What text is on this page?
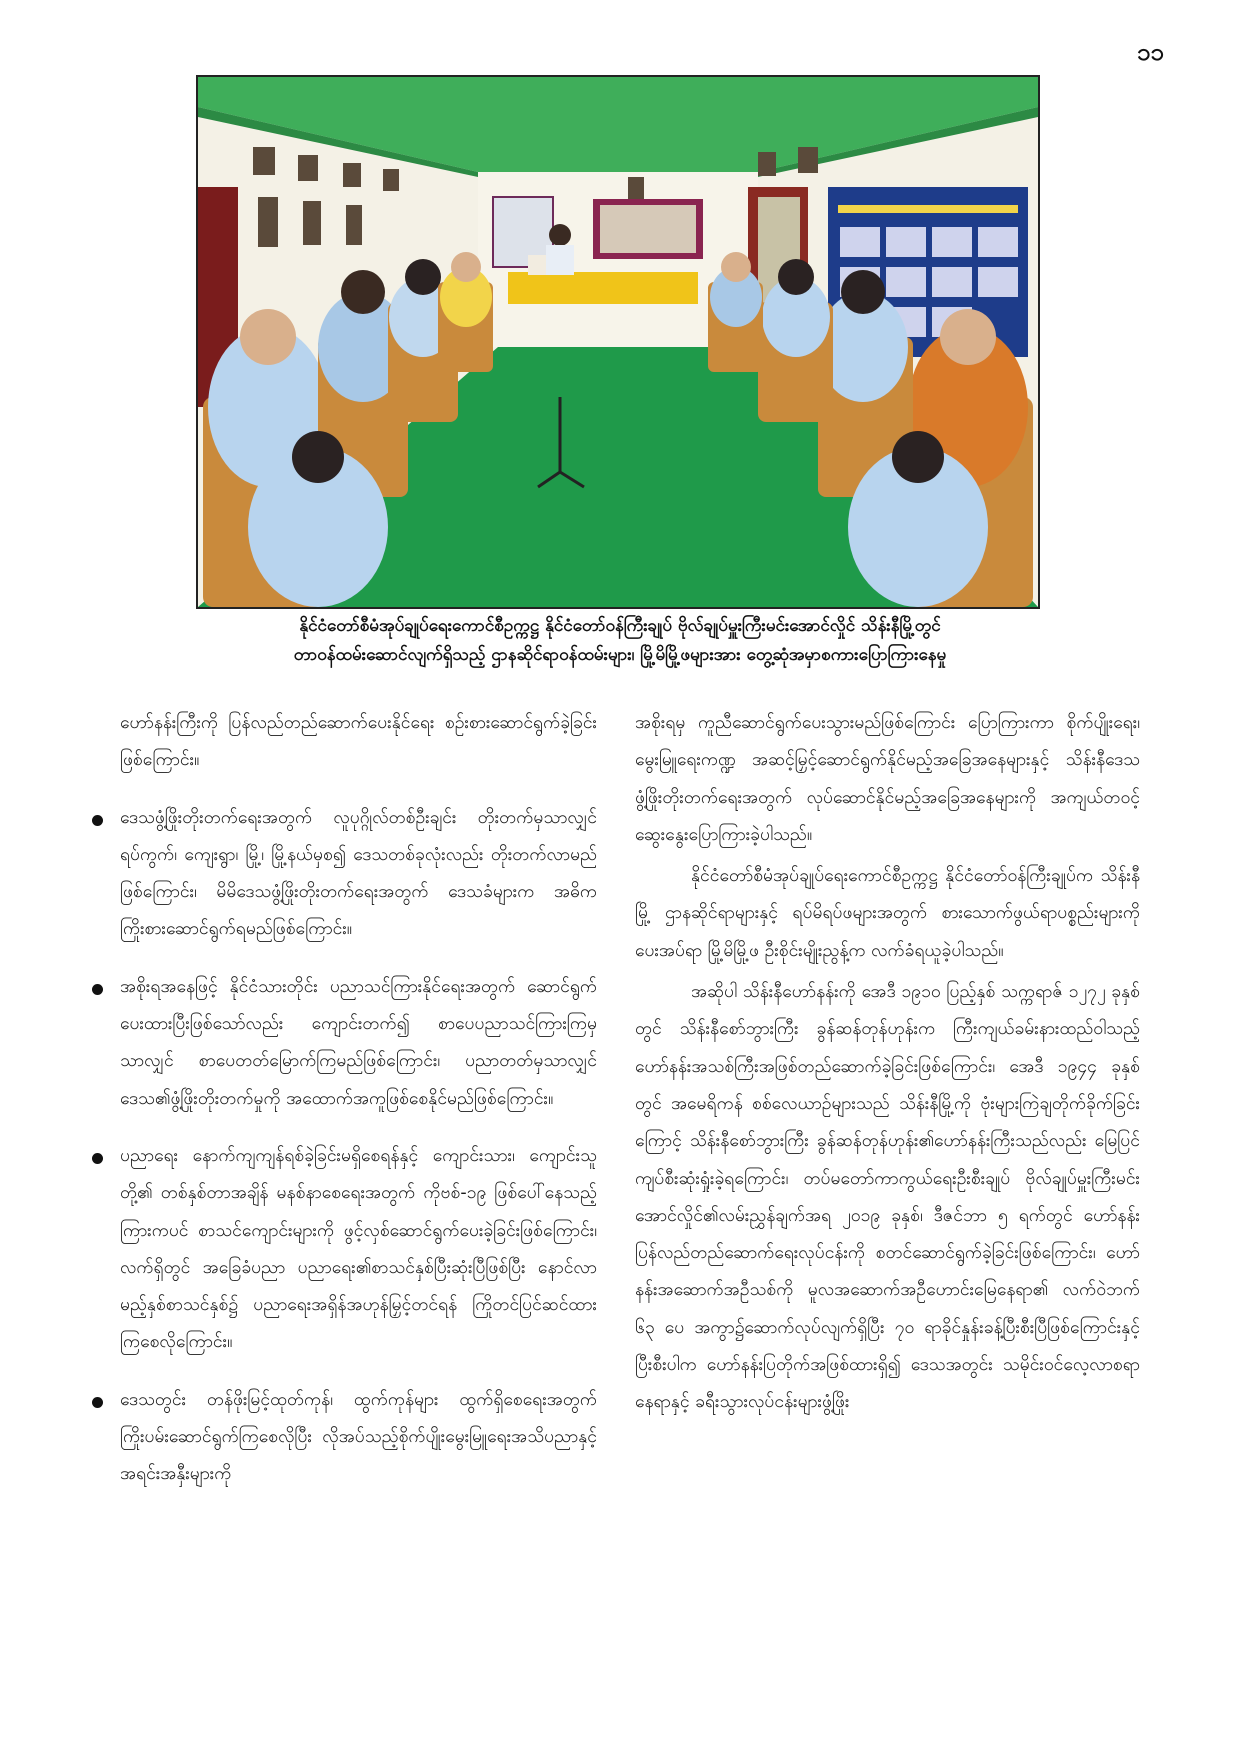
၁၁
နိုင်ငံတော်စီမံအုပ်ချုပ်ရေးကောင်စီဥက္ကဋ္ဌ နိုင်ငံတော်ဝန်ကြီးချုပ် ဗိုလ်ချုပ်မှူးကြီးမင်းအောင်လှိုင် သိန်းနီမြို့တွင်
တာဝန်ထမ်းဆောင်လျက်ရှိသည့် ဌာနဆိုင်ရာဝန်ထမ်းများ၊ မြို့မိမြို့ဖများအား တွေ့ဆုံအမှာစကားပြောကြားနေမှု

ဟော်နန်းကြီးကို ပြန်လည်တည်ဆောက်ပေးနိုင်ရေး စဉ်းစားဆောင်ရွက်ခဲ့ခြင်းဖြစ်ကြောင်း။

ဒေသဖွံ့ဖြိုးတိုးတက်ရေးအတွက် လူပုဂ္ဂိုလ်တစ်ဦးချင်း တိုးတက်မှသာလျှင် ရပ်ကွက်၊ ကျေးရွာ၊ မြို့၊ မြို့နယ်မှစ၍ ဒေသတစ်ခုလုံးလည်း တိုးတက်လာမည်ဖြစ်ကြောင်း၊ မိမိဒေသဖွံ့ဖြိုးတိုးတက်ရေးအတွက် ဒေသခံများက အဓိကကြိုးစားဆောင်ရွက်ရမည်ဖြစ်ကြောင်း။
အစိုးရအနေဖြင့် နိုင်ငံသားတိုင်း ပညာသင်ကြားနိုင်ရေးအတွက် ဆောင်ရွက်ပေးထားပြီးဖြစ်သော်လည်း ကျောင်းတက်၍ စာပေပညာသင်ကြားကြမှသာလျှင် စာပေတတ်မြောက်ကြမည်ဖြစ်ကြောင်း၊ ပညာတတ်မှသာလျှင် ဒေသ၏ဖွံ့ဖြိုးတိုးတက်မှုကို အထောက်အကူဖြစ်စေနိုင်မည်ဖြစ်ကြောင်း။
ပညာရေး နောက်ကျကျန်ရစ်ခဲ့ခြင်းမရှိစေရန်နှင့် ကျောင်းသား၊ ကျောင်းသူတို့၏ တစ်နှစ်တာအချိန် မနစ်နာစေရေးအတွက် ကိုဗစ်-၁၉ ဖြစ်ပေါ်နေသည့်ကြားကပင် စာသင်ကျောင်းများကို ဖွင့်လှစ်ဆောင်ရွက်ပေးခဲ့ခြင်းဖြစ်ကြောင်း၊ လက်ရှိတွင် အခြေခံပညာ ပညာရေး၏စာသင်နှစ်ပြီးဆုံးပြီဖြစ်ပြီး နောင်လာမည့်နှစ်စာသင်နှစ်၌ ပညာရေးအရှိန်အဟုန်မြှင့်တင်ရန် ကြိုတင်ပြင်ဆင်ထားကြစေလိုကြောင်း။
ဒေသတွင်း တန်ဖိုးမြင့်ထုတ်ကုန်၊ ထွက်ကုန်များ ထွက်ရှိစေရေးအတွက် ကြိုးပမ်းဆောင်ရွက်ကြစေလိုပြီး လိုအပ်သည့်စိုက်ပျိုးမွေးမြူရေးအသိပညာနှင့် အရင်းအနှီးများကို

အစိုးရမှ ကူညီဆောင်ရွက်ပေးသွားမည်ဖြစ်ကြောင်း ပြောကြားကာ စိုက်ပျိုးရေး၊ မွေးမြူရေးကဏ္ဍ အဆင့်မြှင့်ဆောင်ရွက်နိုင်မည့်အခြေအနေများနှင့် သိန်းနီဒေသဖွံ့ဖြိုးတိုးတက်ရေးအတွက် လုပ်ဆောင်နိုင်မည့်အခြေအနေများကို အကျယ်တဝင့် ဆွေးနွေးပြောကြားခဲ့ပါသည်။

နိုင်ငံတော်စီမံအုပ်ချုပ်ရေးကောင်စီဥက္ကဋ္ဌ နိုင်ငံတော်ဝန်ကြီးချုပ်က သိန်းနီမြို့ ဌာနဆိုင်ရာများနှင့် ရပ်မိရပ်ဖများအတွက် စားသောက်ဖွယ်ရာပစ္စည်းများကို ပေးအပ်ရာ မြို့မိမြို့ဖ ဦးစိုင်းမျိုးညွန့်က လက်ခံရယူခဲ့ပါသည်။

အဆိုပါ သိန်းနီဟော်နန်းကို အေဒီ ၁၉၁၀ ပြည့်နှစ် သက္ကရာဇ် ၁၂၇၂ ခုနှစ်တွင် သိန်းနီစော်ဘွားကြီး ခွန်ဆန်တုန်ဟုန်းက ကြီးကျယ်ခမ်းနားထည်ဝါသည့် ဟော်နန်းအသစ်ကြီးအဖြစ်တည်ဆောက်ခဲ့ခြင်းဖြစ်ကြောင်း၊ အေဒီ ၁၉၄၄ ခုနှစ်တွင် အမေရိကန် စစ်လေယာဉ်များသည် သိန်းနီမြို့ကို ဗုံးများကြဲချတိုက်ခိုက်ခြင်းကြောင့် သိန်းနီစော်ဘွားကြီး ခွန်ဆန်တုန်ဟုန်း၏ဟော်နန်းကြီးသည်လည်း မြေပြင်ကျပ်စီးဆုံးရှုံးခဲ့ရကြောင်း၊ တပ်မတော်ကာကွယ်ရေးဦးစီးချုပ် ဗိုလ်ချုပ်မှူးကြီးမင်းအောင်လှိုင်၏လမ်းညွှန်ချက်အရ ၂၀၁၉ ခုနှစ်၊ ဒီဇင်ဘာ ၅ ရက်တွင် ဟော်နန်း ပြန်လည်တည်ဆောက်ရေးလုပ်ငန်းကို စတင်ဆောင်ရွက်ခဲ့ခြင်းဖြစ်ကြောင်း၊ ဟော်နန်းအဆောက်အဦသစ်ကို မူလအဆောက်အဦဟောင်းမြေနေရာ၏ လက်ဝဲဘက် ၆၃ ပေ အကွာ၌ဆောက်လုပ်လျက်ရှိပြီး ၇၀ ရာခိုင်နှုန်းခန့်ပြီးစီးပြီဖြစ်ကြောင်းနှင့် ပြီးစီးပါက ဟော်နန်းပြတိုက်အဖြစ်ထားရှိ၍ ဒေသအတွင်း သမိုင်းဝင်လေ့လာစရာနေရာနှင့် ခရီးသွားလုပ်ငန်းများဖွံ့ဖြိုး
